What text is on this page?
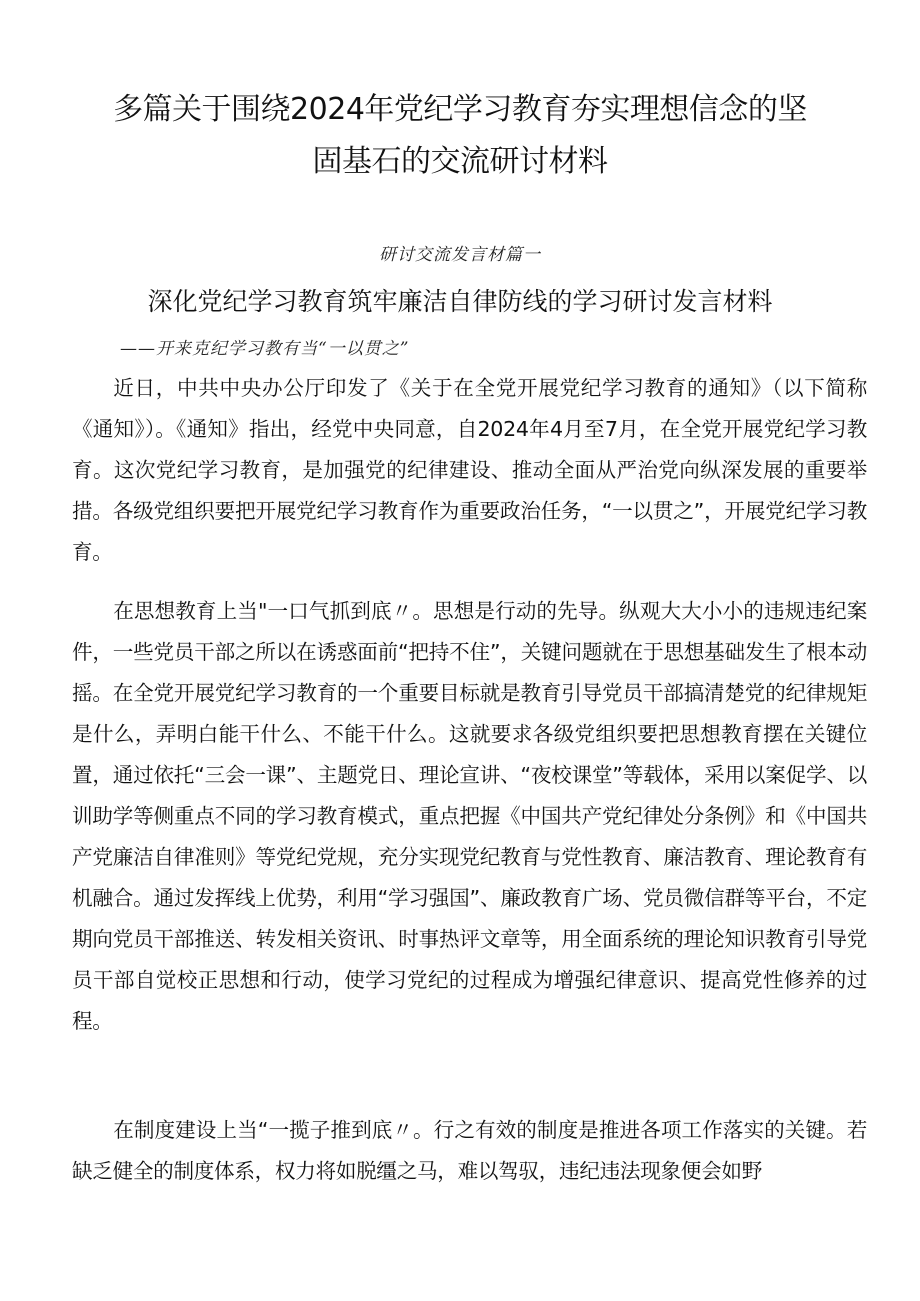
多篇关于围绕2024年党纪学习教育夯实理想信念的坚
固基石的交流研讨材料
研讨交流发言材篇一
深化党纪学习教育筑牢廉洁自律防线的学习研讨发言材料
——开来克纪学习教有当“一以贯之”

近日，中共中央办公厅印发了《关于在全党开展党纪学习教育的通知》（以下简称《通知》）。《通知》指出，经党中央同意，自2024年4月至7月，在全党开展党纪学习教育。这次党纪学习教育，是加强党的纪律建设、推动全面从严治党向纵深发展的重要举措。各级党组织要把开展党纪学习教育作为重要政治任务，“一以贯之”，开展党纪学习教育。

在思想教育上当"一口气抓到底〃。思想是行动的先导。纵观大大小小的违规违纪案件，一些党员干部之所以在诱惑面前“把持不住”，关键问题就在于思想基础发生了根本动摇。在全党开展党纪学习教育的一个重要目标就是教育引导党员干部搞清楚党的纪律规矩是什么，弄明白能干什么、不能干什么。这就要求各级党组织要把思想教育摆在关键位置，通过依托“三会一课”、主题党日、理论宣讲、“夜校课堂”等载体，采用以案促学、以训助学等侧重点不同的学习教育模式，重点把握《中国共产党纪律处分条例》和《中国共产党廉洁自律准则》等党纪党规，充分实现党纪教育与党性教育、廉洁教育、理论教育有机融合。通过发挥线上优势，利用“学习强国”、廉政教育广场、党员微信群等平台，不定期向党员干部推送、转发相关资讯、时事热评文章等，用全面系统的理论知识教育引导党员干部自觉校正思想和行动，使学习党纪的过程成为增强纪律意识、提高党性修养的过程。

在制度建设上当“一揽子推到底〃。行之有效的制度是推进各项工作落实的关键。若缺乏健全的制度体系，权力将如脱缰之马，难以驾驭，违纪违法现象便会如野
